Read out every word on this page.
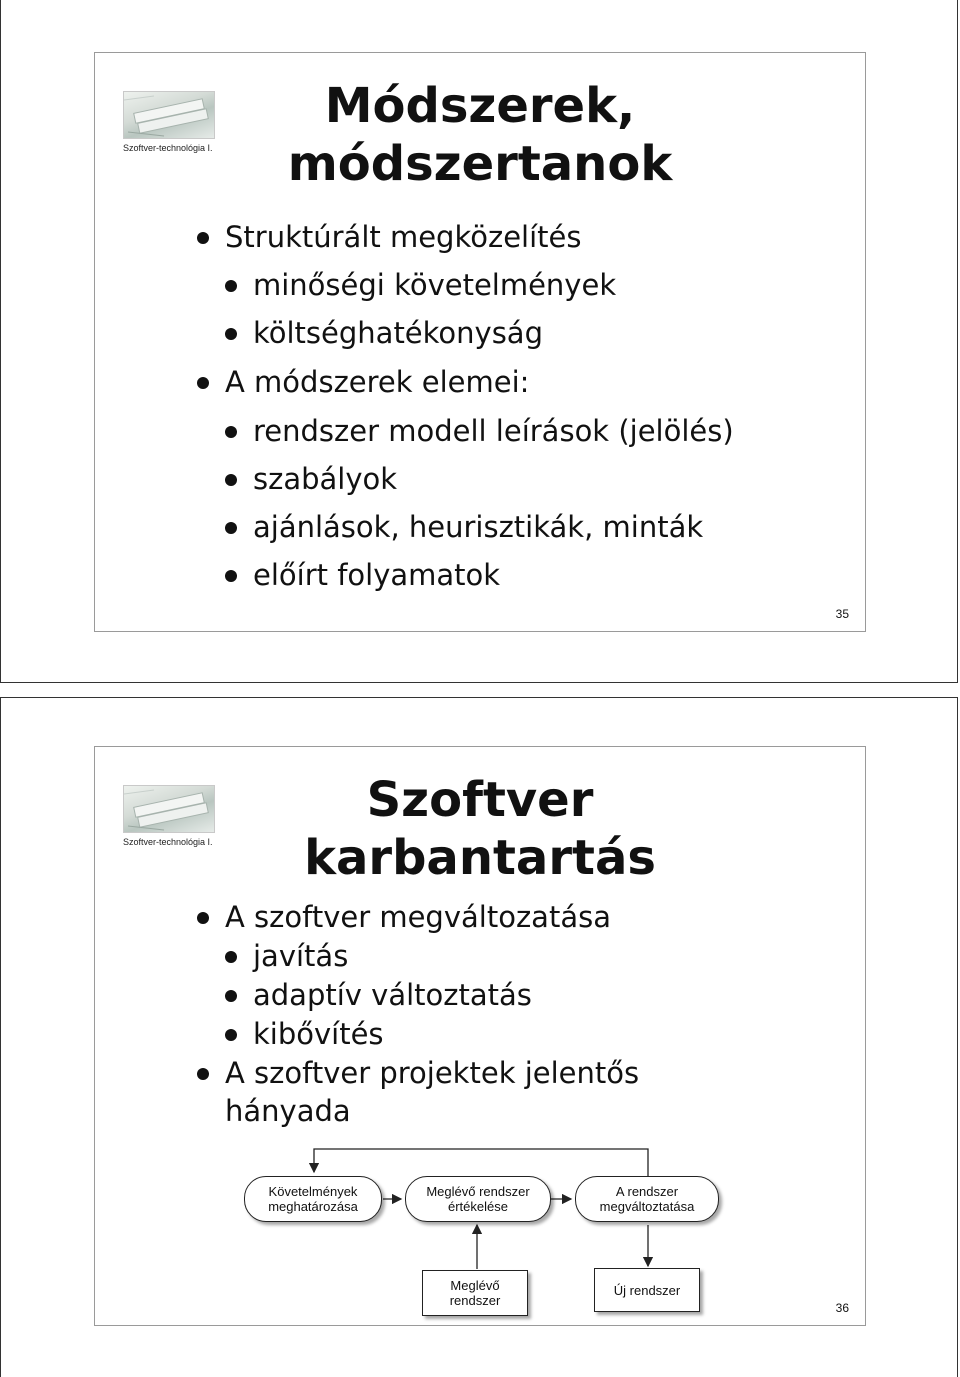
Szoftver-technológia I.
Módszerek,
módszertanok
Struktúrált megközelítés
minőségi követelmények
költséghatékonyság
A módszerek elemei:
rendszer modell leírások (jelölés)
szabályok
ajánlások, heurisztikák, minták
előírt folyamatok
35
Szoftver-technológia I.
Szoftver
karbantartás
A szoftver megváltozatása
javítás
adaptív változtatás
kibővítés
A szoftver projektek jelentős
hányada
Követelmények
meghatározása
Meglévő rendszer
értékelése
A rendszer
megváltoztatása
Meglévő
rendszer
Új rendszer
36
